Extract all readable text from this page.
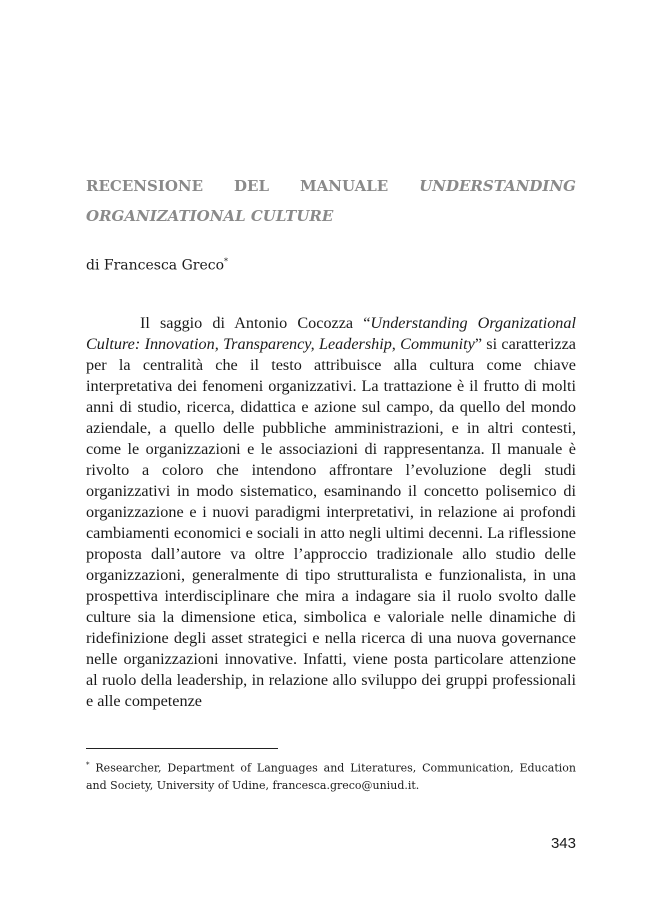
RECENSIONE DEL MANUALE UNDERSTANDING
ORGANIZATIONAL CULTURE

di Francesca Greco*

Il saggio di Antonio Cocozza “Understanding Organizational Culture: Innovation, Transparency, Leadership, Community” si caratterizza per la centralità che il testo attribuisce alla cultura come chiave interpretativa dei fenomeni organizzativi. La trattazione è il frutto di molti anni di studio, ricerca, didattica e azione sul campo, da quello del mondo aziendale, a quello delle pubbliche amministrazioni, e in altri contesti, come le organizzazioni e le associazioni di rappresentanza. Il manuale è rivolto a coloro che intendono affrontare l’evoluzione degli studi organizzativi in modo sistematico, esaminando il concetto polisemico di organizzazione e i nuovi paradigmi interpretativi, in relazione ai profondi cambiamenti economici e sociali in atto negli ultimi decenni. La riflessione proposta dall’autore va oltre l’approccio tradizionale allo studio delle organizzazioni, generalmente di tipo strutturalista e funzionalista, in una prospettiva interdisciplinare che mira a indagare sia il ruolo svolto dalle culture sia la dimensione etica, simbolica e valoriale nelle dinamiche di ridefinizione degli asset strategici e nella ricerca di una nuova governance nelle organizzazioni innovative. Infatti, viene posta particolare attenzione al ruolo della leadership, in relazione allo sviluppo dei gruppi professionali e alle competenze

* Researcher, Department of Languages and Literatures, Communication, Education and Society, University of Udine, francesca.greco@uniud.it.

343
